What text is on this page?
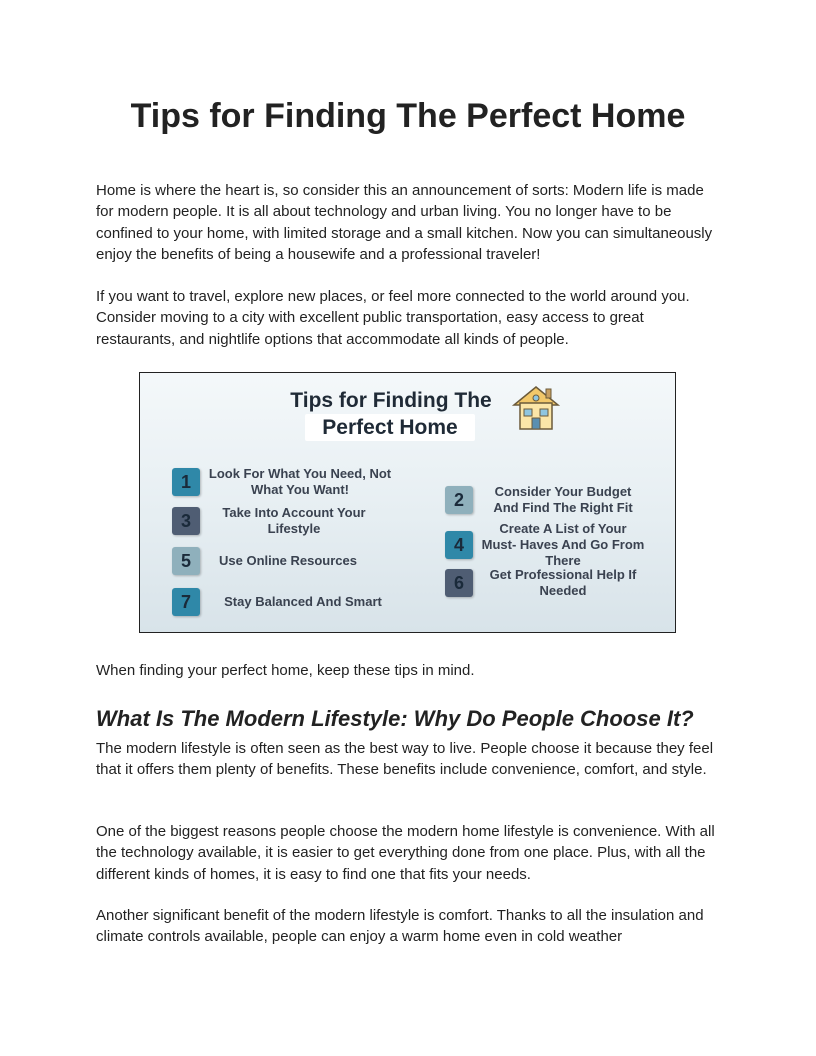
Tips for Finding The Perfect Home

Home is where the heart is, so consider this an announcement of sorts: Modern life is made for modern people. It is all about technology and urban living. You no longer have to be confined to your home, with limited storage and a small kitchen. Now you can simultaneously enjoy the benefits of being a housewife and a professional traveler!

If you want to travel, explore new places, or feel more connected to the world around you. Consider moving to a city with excellent public transportation, easy access to great restaurants, and nightlife options that accommodate all kinds of people.

Tips for Finding The
Perfect Home
1	Look For What You Need, Not What You Want!
2	Consider Your Budget And Find The Right Fit
3	Take Into Account Your Lifestyle
4
Create A List of Your Must- Haves And Go From There
5	Use Online Resources
6	Get Professional Help If Needed
7	Stay Balanced And Smart

When finding your perfect home, keep these tips in mind.

What Is The Modern Lifestyle: Why Do People Choose It?

The modern lifestyle is often seen as the best way to live. People choose it because they feel that it offers them plenty of benefits. These benefits include convenience, comfort, and style.

One of the biggest reasons people choose the modern home lifestyle is convenience. With all the technology available, it is easier to get everything done from one place. Plus, with all the different kinds of homes, it is easy to find one that fits your needs.

Another significant benefit of the modern lifestyle is comfort. Thanks to all the insulation and climate controls available, people can enjoy a warm home even in cold weather
